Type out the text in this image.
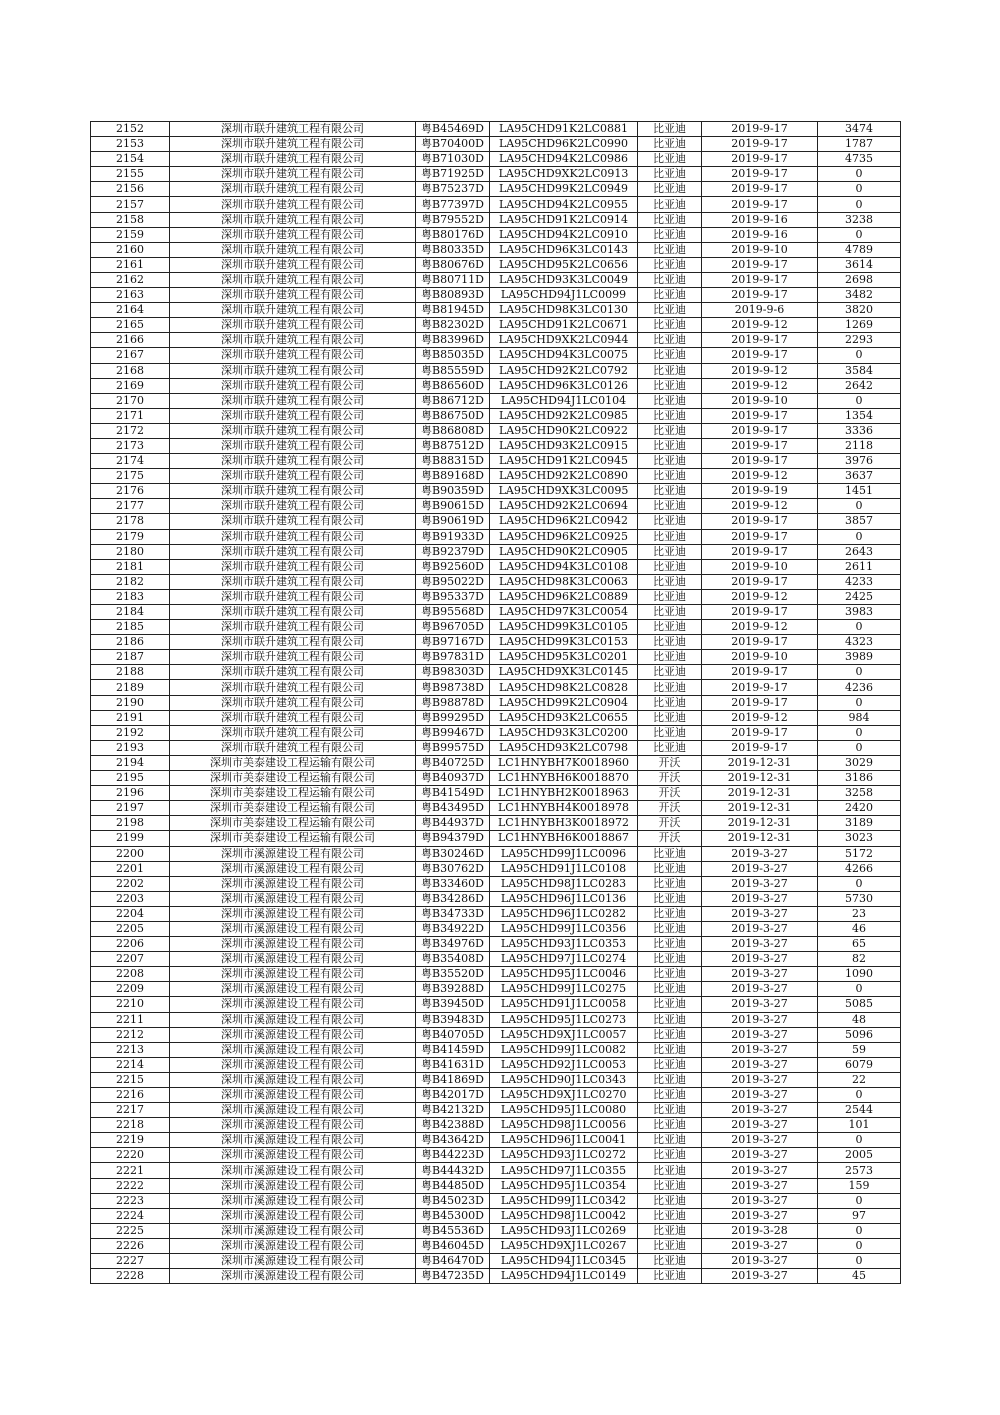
2152	深圳市联升建筑工程有限公司	粤B45469D	LA95CHD91K2LC0881	比亚迪	2019-9-17	3474
2153	深圳市联升建筑工程有限公司	粤B70400D	LA95CHD96K2LC0990	比亚迪	2019-9-17	1787
2154	深圳市联升建筑工程有限公司	粤B71030D	LA95CHD94K2LC0986	比亚迪	2019-9-17	4735
2155	深圳市联升建筑工程有限公司	粤B71925D	LA95CHD9XK2LC0913	比亚迪	2019-9-17	0
2156	深圳市联升建筑工程有限公司	粤B75237D	LA95CHD99K2LC0949	比亚迪	2019-9-17	0
2157	深圳市联升建筑工程有限公司	粤B77397D	LA95CHD94K2LC0955	比亚迪	2019-9-17	0
2158	深圳市联升建筑工程有限公司	粤B79552D	LA95CHD91K2LC0914	比亚迪	2019-9-16	3238
2159	深圳市联升建筑工程有限公司	粤B80176D	LA95CHD94K2LC0910	比亚迪	2019-9-16	0
2160	深圳市联升建筑工程有限公司	粤B80335D	LA95CHD96K3LC0143	比亚迪	2019-9-10	4789
2161	深圳市联升建筑工程有限公司	粤B80676D	LA95CHD95K2LC0656	比亚迪	2019-9-17	3614
2162	深圳市联升建筑工程有限公司	粤B80711D	LA95CHD93K3LC0049	比亚迪	2019-9-17	2698
2163	深圳市联升建筑工程有限公司	粤B80893D	LA95CHD94J1LC0099	比亚迪	2019-9-17	3482
2164	深圳市联升建筑工程有限公司	粤B81945D	LA95CHD98K3LC0130	比亚迪	2019-9-6	3820
2165	深圳市联升建筑工程有限公司	粤B82302D	LA95CHD91K2LC0671	比亚迪	2019-9-12	1269
2166	深圳市联升建筑工程有限公司	粤B83996D	LA95CHD9XK2LC0944	比亚迪	2019-9-17	2293
2167	深圳市联升建筑工程有限公司	粤B85035D	LA95CHD94K3LC0075	比亚迪	2019-9-17	0
2168	深圳市联升建筑工程有限公司	粤B85559D	LA95CHD92K2LC0792	比亚迪	2019-9-12	3584
2169	深圳市联升建筑工程有限公司	粤B86560D	LA95CHD96K3LC0126	比亚迪	2019-9-12	2642
2170	深圳市联升建筑工程有限公司	粤B86712D	LA95CHD94J1LC0104	比亚迪	2019-9-10	0
2171	深圳市联升建筑工程有限公司	粤B86750D	LA95CHD92K2LC0985	比亚迪	2019-9-17	1354
2172	深圳市联升建筑工程有限公司	粤B86808D	LA95CHD90K2LC0922	比亚迪	2019-9-17	3336
2173	深圳市联升建筑工程有限公司	粤B87512D	LA95CHD93K2LC0915	比亚迪	2019-9-17	2118
2174	深圳市联升建筑工程有限公司	粤B88315D	LA95CHD91K2LC0945	比亚迪	2019-9-17	3976
2175	深圳市联升建筑工程有限公司	粤B89168D	LA95CHD92K2LC0890	比亚迪	2019-9-12	3637
2176	深圳市联升建筑工程有限公司	粤B90359D	LA95CHD9XK3LC0095	比亚迪	2019-9-19	1451
2177	深圳市联升建筑工程有限公司	粤B90615D	LA95CHD92K2LC0694	比亚迪	2019-9-12	0
2178	深圳市联升建筑工程有限公司	粤B90619D	LA95CHD96K2LC0942	比亚迪	2019-9-17	3857
2179	深圳市联升建筑工程有限公司	粤B91933D	LA95CHD96K2LC0925	比亚迪	2019-9-17	0
2180	深圳市联升建筑工程有限公司	粤B92379D	LA95CHD90K2LC0905	比亚迪	2019-9-17	2643
2181	深圳市联升建筑工程有限公司	粤B92560D	LA95CHD94K3LC0108	比亚迪	2019-9-10	2611
2182	深圳市联升建筑工程有限公司	粤B95022D	LA95CHD98K3LC0063	比亚迪	2019-9-17	4233
2183	深圳市联升建筑工程有限公司	粤B95337D	LA95CHD96K2LC0889	比亚迪	2019-9-12	2425
2184	深圳市联升建筑工程有限公司	粤B95568D	LA95CHD97K3LC0054	比亚迪	2019-9-17	3983
2185	深圳市联升建筑工程有限公司	粤B96705D	LA95CHD99K3LC0105	比亚迪	2019-9-12	0
2186	深圳市联升建筑工程有限公司	粤B97167D	LA95CHD99K3LC0153	比亚迪	2019-9-17	4323
2187	深圳市联升建筑工程有限公司	粤B97831D	LA95CHD95K3LC0201	比亚迪	2019-9-10	3989
2188	深圳市联升建筑工程有限公司	粤B98303D	LA95CHD9XK3LC0145	比亚迪	2019-9-17	0
2189	深圳市联升建筑工程有限公司	粤B98738D	LA95CHD98K2LC0828	比亚迪	2019-9-17	4236
2190	深圳市联升建筑工程有限公司	粤B98878D	LA95CHD99K2LC0904	比亚迪	2019-9-17	0
2191	深圳市联升建筑工程有限公司	粤B99295D	LA95CHD93K2LC0655	比亚迪	2019-9-12	984
2192	深圳市联升建筑工程有限公司	粤B99467D	LA95CHD93K3LC0200	比亚迪	2019-9-17	0
2193	深圳市联升建筑工程有限公司	粤B99575D	LA95CHD93K2LC0798	比亚迪	2019-9-17	0
2194	深圳市美泰建设工程运输有限公司	粤B40725D	LC1HNYBH7K0018960	开沃	2019-12-31	3029
2195	深圳市美泰建设工程运输有限公司	粤B40937D	LC1HNYBH6K0018870	开沃	2019-12-31	3186
2196	深圳市美泰建设工程运输有限公司	粤B41549D	LC1HNYBH2K0018963	开沃	2019-12-31	3258
2197	深圳市美泰建设工程运输有限公司	粤B43495D	LC1HNYBH4K0018978	开沃	2019-12-31	2420
2198	深圳市美泰建设工程运输有限公司	粤B44937D	LC1HNYBH3K0018972	开沃	2019-12-31	3189
2199	深圳市美泰建设工程运输有限公司	粤B94379D	LC1HNYBH6K0018867	开沃	2019-12-31	3023
2200	深圳市溪源建设工程有限公司	粤B30246D	LA95CHD99J1LC0096	比亚迪	2019-3-27	5172
2201	深圳市溪源建设工程有限公司	粤B30762D	LA95CHD91J1LC0108	比亚迪	2019-3-27	4266
2202	深圳市溪源建设工程有限公司	粤B33460D	LA95CHD98J1LC0283	比亚迪	2019-3-27	0
2203	深圳市溪源建设工程有限公司	粤B34286D	LA95CHD96J1LC0136	比亚迪	2019-3-27	5730
2204	深圳市溪源建设工程有限公司	粤B34733D	LA95CHD96J1LC0282	比亚迪	2019-3-27	23
2205	深圳市溪源建设工程有限公司	粤B34922D	LA95CHD99J1LC0356	比亚迪	2019-3-27	46
2206	深圳市溪源建设工程有限公司	粤B34976D	LA95CHD93J1LC0353	比亚迪	2019-3-27	65
2207	深圳市溪源建设工程有限公司	粤B35408D	LA95CHD97J1LC0274	比亚迪	2019-3-27	82
2208	深圳市溪源建设工程有限公司	粤B35520D	LA95CHD95J1LC0046	比亚迪	2019-3-27	1090
2209	深圳市溪源建设工程有限公司	粤B39288D	LA95CHD99J1LC0275	比亚迪	2019-3-27	0
2210	深圳市溪源建设工程有限公司	粤B39450D	LA95CHD91J1LC0058	比亚迪	2019-3-27	5085
2211	深圳市溪源建设工程有限公司	粤B39483D	LA95CHD95J1LC0273	比亚迪	2019-3-27	48
2212	深圳市溪源建设工程有限公司	粤B40705D	LA95CHD9XJ1LC0057	比亚迪	2019-3-27	5096
2213	深圳市溪源建设工程有限公司	粤B41459D	LA95CHD99J1LC0082	比亚迪	2019-3-27	59
2214	深圳市溪源建设工程有限公司	粤B41631D	LA95CHD92J1LC0053	比亚迪	2019-3-27	6079
2215	深圳市溪源建设工程有限公司	粤B41869D	LA95CHD90J1LC0343	比亚迪	2019-3-27	22
2216	深圳市溪源建设工程有限公司	粤B42017D	LA95CHD9XJ1LC0270	比亚迪	2019-3-27	0
2217	深圳市溪源建设工程有限公司	粤B42132D	LA95CHD95J1LC0080	比亚迪	2019-3-27	2544
2218	深圳市溪源建设工程有限公司	粤B42388D	LA95CHD98J1LC0056	比亚迪	2019-3-27	101
2219	深圳市溪源建设工程有限公司	粤B43642D	LA95CHD96J1LC0041	比亚迪	2019-3-27	0
2220	深圳市溪源建设工程有限公司	粤B44223D	LA95CHD93J1LC0272	比亚迪	2019-3-27	2005
2221	深圳市溪源建设工程有限公司	粤B44432D	LA95CHD97J1LC0355	比亚迪	2019-3-27	2573
2222	深圳市溪源建设工程有限公司	粤B44850D	LA95CHD95J1LC0354	比亚迪	2019-3-27	159
2223	深圳市溪源建设工程有限公司	粤B45023D	LA95CHD99J1LC0342	比亚迪	2019-3-27	0
2224	深圳市溪源建设工程有限公司	粤B45300D	LA95CHD98J1LC0042	比亚迪	2019-3-27	97
2225	深圳市溪源建设工程有限公司	粤B45536D	LA95CHD93J1LC0269	比亚迪	2019-3-28	0
2226	深圳市溪源建设工程有限公司	粤B46045D	LA95CHD9XJ1LC0267	比亚迪	2019-3-27	0
2227	深圳市溪源建设工程有限公司	粤B46470D	LA95CHD94J1LC0345	比亚迪	2019-3-27	0
2228	深圳市溪源建设工程有限公司	粤B47235D	LA95CHD94J1LC0149	比亚迪	2019-3-27	45
